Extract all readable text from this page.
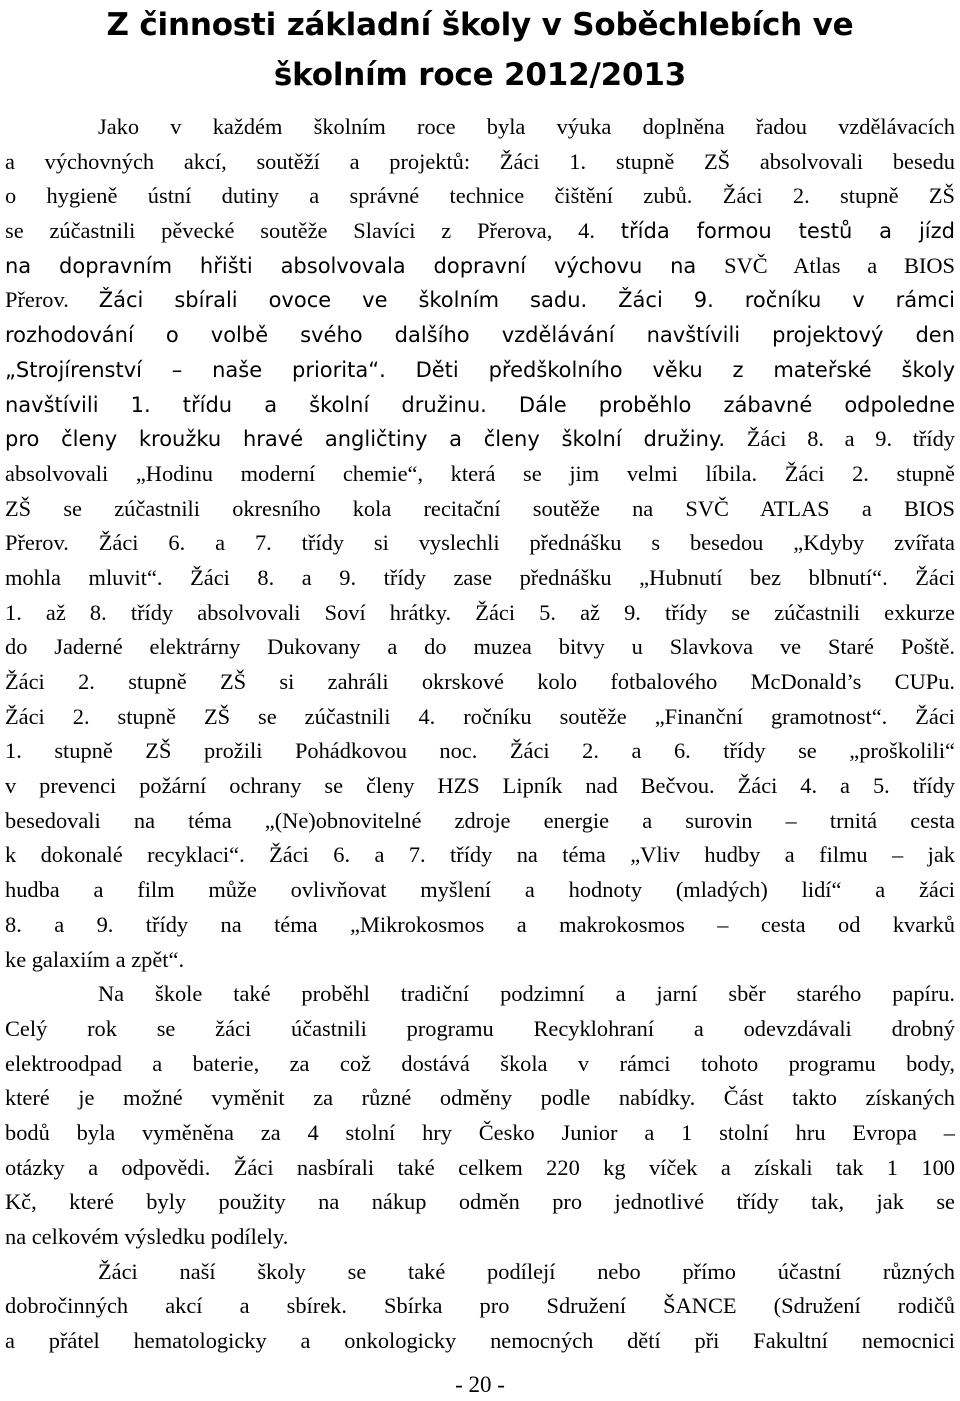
Z činnosti základní školy v Soběchlebích ve
školním roce 2012/2013
Jako v každém školním roce byla výuka doplněna řadou vzdělávacích
a výchovných akcí, soutěží a projektů: Žáci 1. stupně ZŠ absolvovali besedu
o hygieně ústní dutiny a správné technice čištění zubů. Žáci 2. stupně ZŠ
se zúčastnili pěvecké soutěže Slavíci z Přerova, 4. třída formou testů a jízd
na dopravním hřišti absolvovala dopravní výchovu na SVČ Atlas a BIOS
Přerov. Žáci sbírali ovoce ve školním sadu. Žáci 9. ročníku v rámci
rozhodování o volbě svého dalšího vzdělávání navštívili projektový den
„Strojírenství – naše priorita“. Děti předškolního věku z mateřské školy
navštívili 1. třídu a školní družinu. Dále proběhlo zábavné odpoledne
pro členy kroužku hravé angličtiny a členy školní družiny. Žáci 8. a 9. třídy
absolvovali „Hodinu moderní chemie“, která se jim velmi líbila. Žáci 2. stupně
ZŠ se zúčastnili okresního kola recitační soutěže na SVČ ATLAS a BIOS
Přerov. Žáci 6. a 7. třídy si vyslechli přednášku s besedou „Kdyby zvířata
mohla mluvit“. Žáci 8. a 9. třídy zase přednášku „Hubnutí bez blbnutí“. Žáci
1. až 8. třídy absolvovali Soví hrátky. Žáci 5. až 9. třídy se zúčastnili exkurze
do Jaderné elektrárny Dukovany a do muzea bitvy u Slavkova ve Staré Poště.
Žáci 2. stupně ZŠ si zahráli okrskové kolo fotbalového McDonald’s CUPu.
Žáci 2. stupně ZŠ se zúčastnili 4. ročníku soutěže „Finanční gramotnost“. Žáci
1. stupně ZŠ prožili Pohádkovou noc. Žáci 2. a 6. třídy se „proškolili“
v prevenci požární ochrany se členy HZS Lipník nad Bečvou. Žáci 4. a 5. třídy
besedovali na téma „(Ne)obnovitelné zdroje energie a surovin – trnitá cesta
k dokonalé recyklaci“. Žáci 6. a 7. třídy na téma „Vliv hudby a filmu – jak
hudba a film může ovlivňovat myšlení a hodnoty (mladých) lidí“ a žáci
8. a 9. třídy na téma „Mikrokosmos a makrokosmos – cesta od kvarků
ke galaxiím a zpět“.
Na škole také proběhl tradiční podzimní a jarní sběr starého papíru.
Celý rok se žáci účastnili programu Recyklohraní a odevzdávali drobný
elektroodpad a baterie, za což dostává škola v rámci tohoto programu body,
které je možné vyměnit za různé odměny podle nabídky. Část takto získaných
bodů byla vyměněna za 4 stolní hry Česko Junior a 1 stolní hru Evropa –
otázky a odpovědi. Žáci nasbírali také celkem 220 kg víček a získali tak 1 100
Kč, které byly použity na nákup odměn pro jednotlivé třídy tak, jak se
na celkovém výsledku podílely.
Žáci naší školy se také podílejí nebo přímo účastní různých
dobročinných akcí a sbírek. Sbírka pro Sdružení ŠANCE (Sdružení rodičů
a přátel hematologicky a onkologicky nemocných dětí při Fakultní nemocnici
- 20 -
